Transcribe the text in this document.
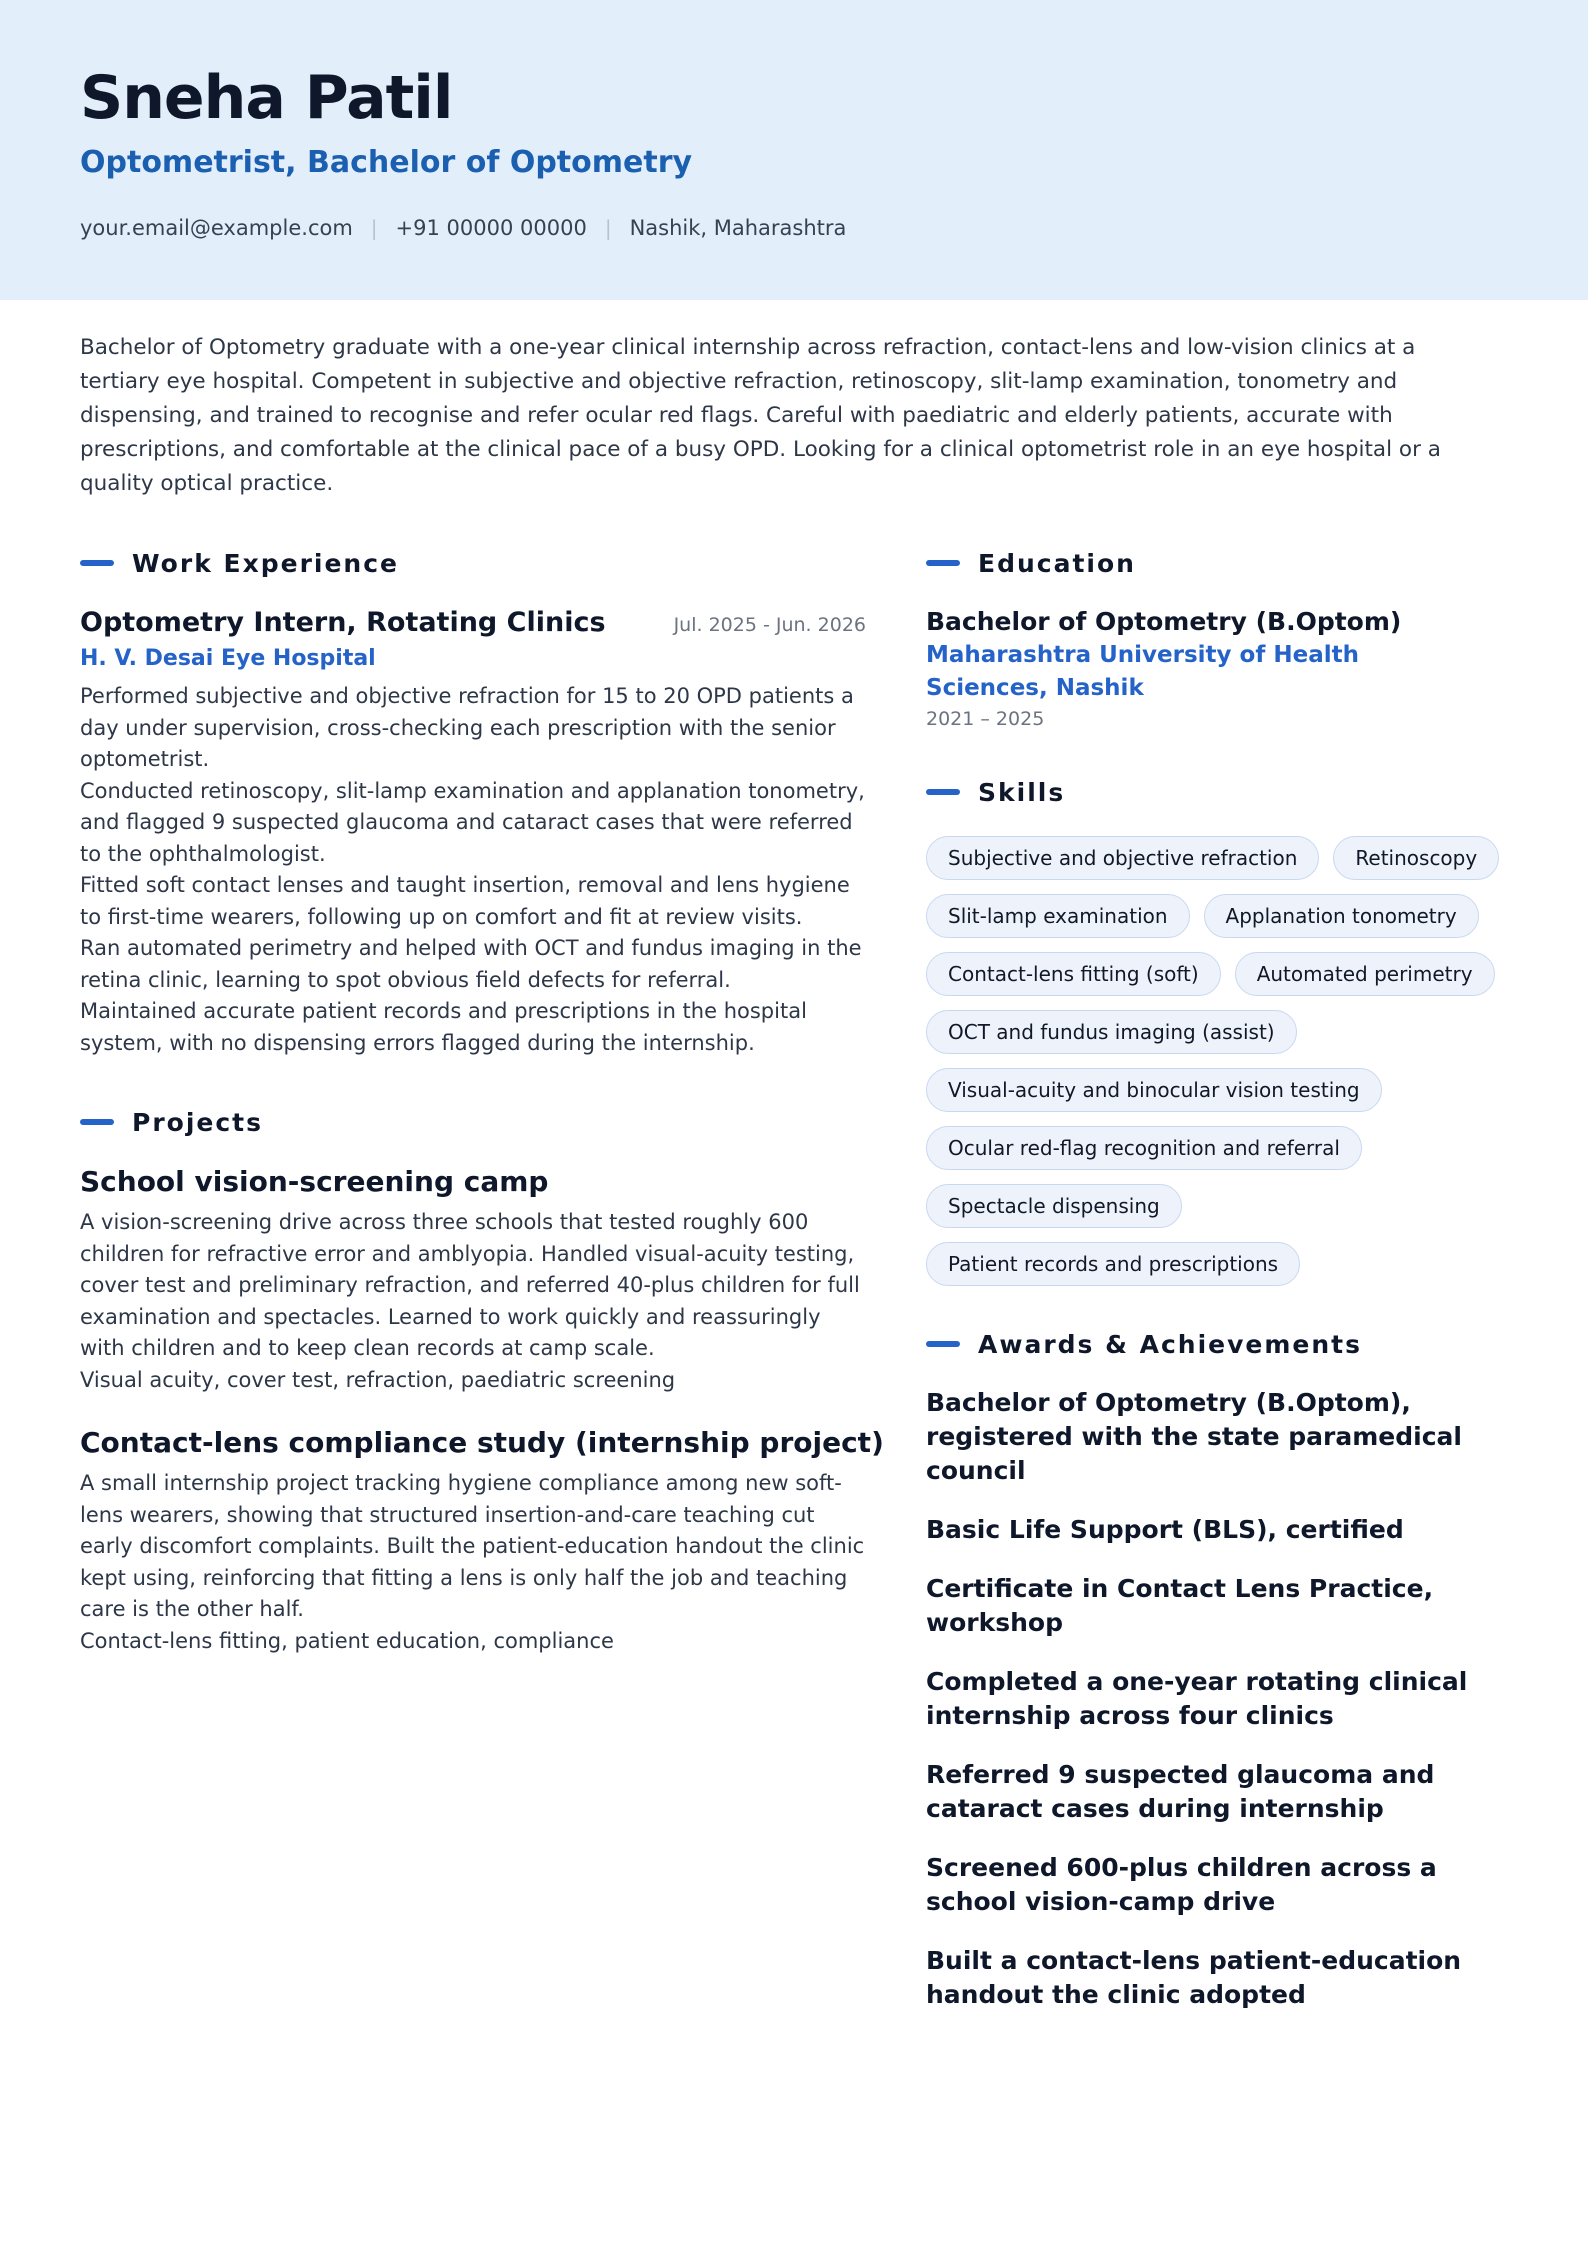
Sneha Patil
Optometrist, Bachelor of Optometry
your.email@example.com | +91 00000 00000 | Nashik, Maharashtra

Bachelor of Optometry graduate with a one-year clinical internship across refraction, contact-lens and low-vision clinics at a tertiary eye hospital. Competent in subjective and objective refraction, retinoscopy, slit-lamp examination, tonometry and dispensing, and trained to recognise and refer ocular red flags. Careful with paediatric and elderly patients, accurate with prescriptions, and comfortable at the clinical pace of a busy OPD. Looking for a clinical optometrist role in an eye hospital or a quality optical practice.

Work Experience
Optometry Intern, Rotating Clinics	Jul. 2025 - Jun. 2026
H. V. Desai Eye Hospital

Performed subjective and objective refraction for 15 to 20 OPD patients a day under supervision, cross-checking each prescription with the senior optometrist.

Conducted retinoscopy, slit-lamp examination and applanation tonometry, and flagged 9 suspected glaucoma and cataract cases that were referred to the ophthalmologist.

Fitted soft contact lenses and taught insertion, removal and lens hygiene to first-time wearers, following up on comfort and fit at review visits.

Ran automated perimetry and helped with OCT and fundus imaging in the retina clinic, learning to spot obvious field defects for referral.

Maintained accurate patient records and prescriptions in the hospital system, with no dispensing errors flagged during the internship.

Projects
School vision-screening camp

A vision-screening drive across three schools that tested roughly 600 children for refractive error and amblyopia. Handled visual-acuity testing, cover test and preliminary refraction, and referred 40-plus children for full examination and spectacles. Learned to work quickly and reassuringly with children and to keep clean records at camp scale.

Visual acuity, cover test, refraction, paediatric screening

Contact-lens compliance study (internship project)

A small internship project tracking hygiene compliance among new soft-lens wearers, showing that structured insertion-and-care teaching cut early discomfort complaints. Built the patient-education handout the clinic kept using, reinforcing that fitting a lens is only half the job and teaching care is the other half.

Contact-lens fitting, patient education, compliance

Education
Bachelor of Optometry (B.Optom)
Maharashtra University of Health Sciences, Nashik
2021 – 2025
Skills
Subjective and objective refraction	Retinoscopy
Slit-lamp examination	Applanation tonometry
Contact-lens fitting (soft)	Automated perimetry
OCT and fundus imaging (assist)
Visual-acuity and binocular vision testing
Ocular red-flag recognition and referral
Spectacle dispensing
Patient records and prescriptions
Awards & Achievements
Bachelor of Optometry (B.Optom), registered with the state paramedical council
Basic Life Support (BLS), certified
Certificate in Contact Lens Practice, workshop
Completed a one-year rotating clinical internship across four clinics
Referred 9 suspected glaucoma and cataract cases during internship
Screened 600-plus children across a school vision-camp drive
Built a contact-lens patient-education handout the clinic adopted
